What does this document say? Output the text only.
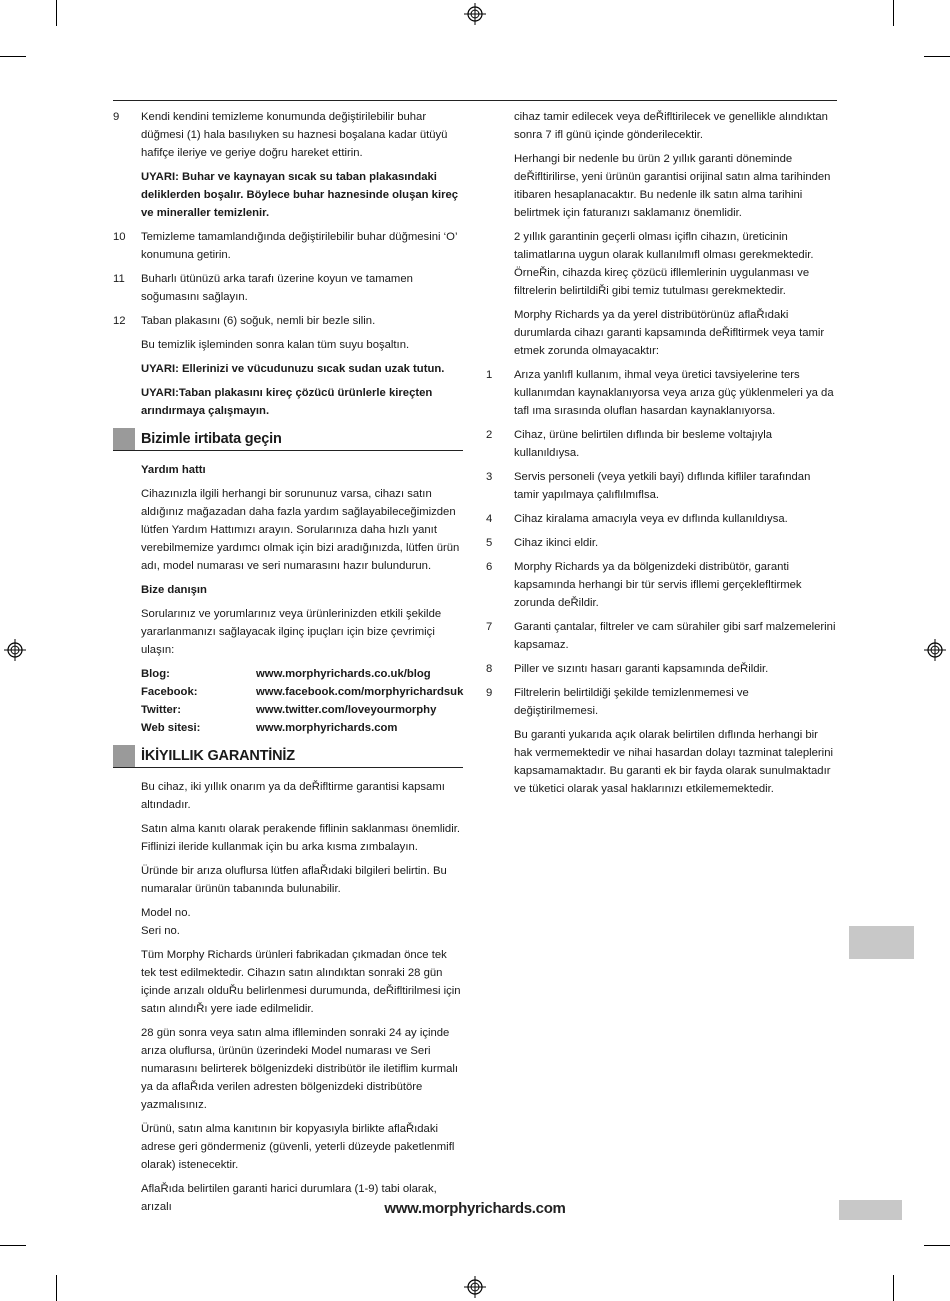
9	Kendi kendini temizleme konumunda değiştirilebilir buhar düğmesi (1) hala basılıyken su haznesi boşalana kadar ütüyü hafifçe ileriye ve geriye doğru hareket ettirin.

UYARI: Buhar ve kaynayan sıcak su taban plakasındaki deliklerden boşalır. Böylece buhar haznesinde oluşan kireç ve mineraller temizlenir.

10	Temizleme tamamlandığında değiştirilebilir buhar düğmesini ‘O’ konumuna getirin.
11	Buharlı ütünüzü arka tarafı üzerine koyun ve tamamen soğumasını sağlayın.
12	Taban plakasını (6) soğuk, nemli bir bezle silin.

Bu temizlik işleminden sonra kalan tüm suyu boşaltın.

UYARI: Ellerinizi ve vücudunuzu sıcak sudan uzak tutun.

UYARI:Taban plakasını kireç çözücü ürünlerle kireçten arındırmaya çalışmayın.

Bizimle irtibata geçin

Yardım hattı

Cihazınızla ilgili herhangi bir sorununuz varsa, cihazı satın aldığınız mağazadan daha fazla yardım sağlayabileceğimizden lütfen Yardım Hattımızı arayın. Sorularınıza daha hızlı yanıt verebilmemize yardımcı olmak için bizi aradığınızda, lütfen ürün adı, model numarası ve seri numarasını hazır bulundurun.

Bize danışın

Sorularınız ve yorumlarınız veya ürünlerinizden etkili şekilde yararlanmanızı sağlayacak ilginç ipuçları için bize çevrimiçi ulaşın:

Blog:	www.morphyrichards.co.uk/blog
Facebook:	www.facebook.com/morphyrichardsuk
Twitter:	www.twitter.com/loveyourmorphy
Web sitesi:	www.morphyrichards.com
İKİYILLIK GARANTİNİZ

Bu cihaz, iki yıllık onarım ya da deŘifltirme garantisi kapsamı altındadır.

Satın alma kanıtı olarak perakende fiflinin saklanması önemlidir. Fiflinizi ileride kullanmak için bu arka kısma zımbalayın.

Üründe bir arıza oluflursa lütfen aflaŘıdaki bilgileri belirtin. Bu numaralar ürünün tabanında bulunabilir.

Model no.

Seri no.

Tüm Morphy Richards ürünleri fabrikadan çıkmadan önce tek tek test edilmektedir. Cihazın satın alındıktan sonraki 28 gün içinde arızalı olduŘu belirlenmesi durumunda, deŘifltirilmesi için satın alındıŘı yere iade edilmelidir.

28 gün sonra veya satın alma iflleminden sonraki 24 ay içinde arıza oluflursa, ürünün üzerindeki Model numarası ve Seri numarasını belirterek bölgenizdeki distribütör ile iletiflim kurmalı ya da aflaŘıda verilen adresten bölgenizdeki distribütöre yazmalısınız.

Ürünü, satın alma kanıtının bir kopyasıyla birlikte aflaŘıdaki adrese geri göndermeniz (güvenli, yeterli düzeyde paketlenmifl olarak) istenecektir.

AflaŘıda belirtilen garanti harici durumlara (1-9) tabi olarak, arızalı

cihaz tamir edilecek veya deŘifltirilecek ve genellikle alındıktan sonra 7 ifl günü içinde gönderilecektir.

Herhangi bir nedenle bu ürün 2 yıllık garanti döneminde deŘifltirilirse, yeni ürünün garantisi orijinal satın alma tarihinden itibaren hesaplanacaktır. Bu nedenle ilk satın alma tarihini belirtmek için faturanızı saklamanız önemlidir.

2 yıllık garantinin geçerli olması içifln cihazın, üreticinin talimatlarına uygun olarak kullanılmıfl olması gerekmektedir. ÖrneŘin, cihazda kireç çözücü ifllemlerinin uygulanması ve filtrelerin belirtildiŘi gibi temiz tutulması gerekmektedir.

Morphy Richards ya da yerel distribütörünüz aflaŘıdaki durumlarda cihazı garanti kapsamında deŘifltirmek veya tamir etmek zorunda olmayacaktır:

1	Arıza yanlıfl kullanım, ihmal veya üretici tavsiyelerine ters kullanımdan kaynaklanıyorsa veya arıza güç yüklenmeleri ya da tafl ıma sırasında oluflan hasardan kaynaklanıyorsa.
2	Cihaz, ürüne belirtilen dıflında bir besleme voltajıyla kullanıldıysa.
3	Servis personeli (veya yetkili bayi) dıflında kifliler tarafından tamir yapılmaya çalıflılmıflsa.
4	Cihaz kiralama amacıyla veya ev dıflında kullanıldıysa.
5	Cihaz ikinci eldir.
6	Morphy Richards ya da bölgenizdeki distribütör, garanti kapsamında herhangi bir tür servis ifllemi gerçeklefltirmek zorunda deŘildir.
7	Garanti çantalar, filtreler ve cam sürahiler gibi sarf malzemelerini kapsamaz.
8	Piller ve sızıntı hasarı garanti kapsamında deŘildir.
9	Filtrelerin belirtildiği şekilde temizlenmemesi ve değiştirilmemesi.

Bu garanti yukarıda açık olarak belirtilen dıflında herhangi bir hak vermemektedir ve nihai hasardan dolayı tazminat taleplerini kapsamamaktadır. Bu garanti ek bir fayda olarak sunulmaktadır ve tüketici olarak yasal haklarınızı etkilememektedir.

www.morphyrichards.com
